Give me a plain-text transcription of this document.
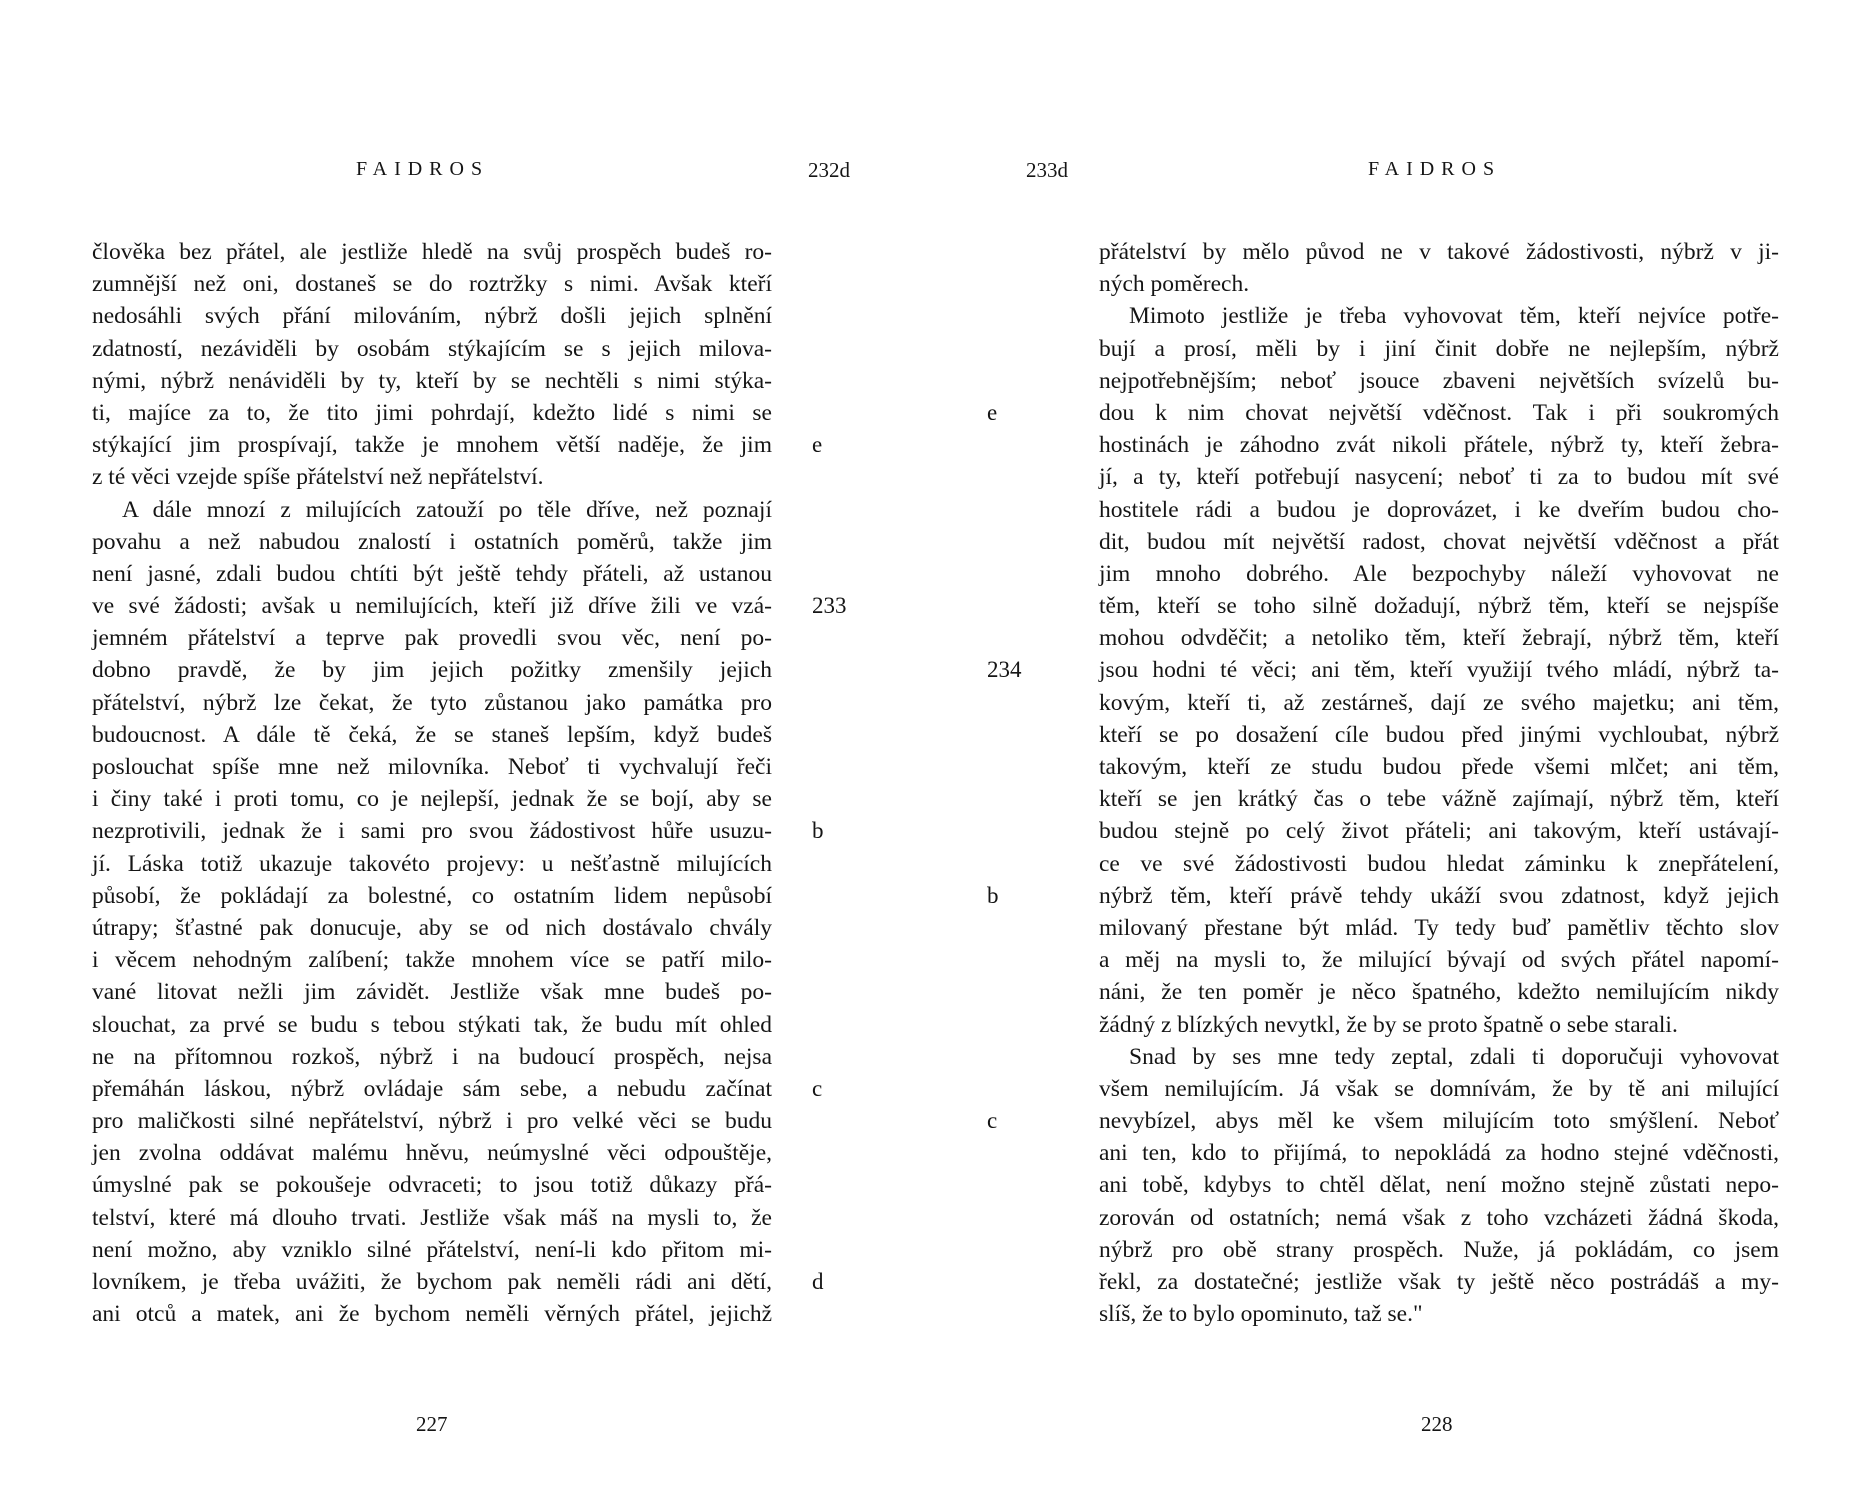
FAIDROS	232d
člověka bez přátel, ale jestliže hledě na svůj prospěch budeš ro-
zumnější než oni, dostaneš se do roztržky s nimi. Avšak kteří
nedosáhli svých přání milováním, nýbrž došli jejich splnění
zdatností, nezáviděli by osobám stýkajícím se s jejich milova-
nými, nýbrž nenáviděli by ty, kteří by se nechtěli s nimi stýka-
ti, majíce za to, že tito jimi pohrdají, kdežto lidé s nimi se
stýkající jim prospívají, takže je mnohem větší naděje, že jim e
z té věci vzejde spíše přátelství než nepřátelství.
A dále mnozí z milujících zatouží po těle dříve, než poznají
povahu a než nabudou znalostí i ostatních poměrů, takže jim
není jasné, zdali budou chtíti být ještě tehdy přáteli, až ustanou
ve své žádosti; avšak u nemilujících, kteří již dříve žili ve vzá- 233
jemném přátelství a teprve pak provedli svou věc, není po-
dobno pravdě, že by jim jejich požitky zmenšily jejich
přátelství, nýbrž lze čekat, že tyto zůstanou jako památka pro
budoucnost. A dále tě čeká, že se staneš lepším, když budeš
poslouchat spíše mne než milovníka. Neboť ti vychvalují řeči
i činy také i proti tomu, co je nejlepší, jednak že se bojí, aby se
nezprotivili, jednak že i sami pro svou žádostivost hůře usuzu- b
jí. Láska totiž ukazuje takovéto projevy: u nešťastně milujících
působí, že pokládají za bolestné, co ostatním lidem nepůsobí
útrapy; šťastné pak donucuje, aby se od nich dostávalo chvály
i věcem nehodným zalíbení; takže mnohem více se patří milo-
vané litovat nežli jim závidět. Jestliže však mne budeš po-
slouchat, za prvé se budu s tebou stýkati tak, že budu mít ohled
ne na přítomnou rozkoš, nýbrž i na budoucí prospěch, nejsa
přemáhán láskou, nýbrž ovládaje sám sebe, a nebudu začínat c
pro maličkosti silné nepřátelství, nýbrž i pro velké věci se budu
jen zvolna oddávat malému hněvu, neúmyslné věci odpouštěje,
úmyslné pak se pokoušeje odvraceti; to jsou totiž důkazy přá-
telství, které má dlouho trvati. Jestliže však máš na mysli to, že
není možno, aby vzniklo silné přátelství, není-li kdo přitom mi-
lovníkem, je třeba uvážiti, že bychom pak neměli rádi ani dětí, d
ani otců a matek, ani že bychom neměli věrných přátel, jejichž
227
233d	FAIDROS
přátelství by mělo původ ne v takové žádostivosti, nýbrž v ji-
ných poměrech.
Mimoto jestliže je třeba vyhovovat těm, kteří nejvíce potře-
bují a prosí, měli by i jiní činit dobře ne nejlepším, nýbrž
nejpotřebnějším; neboť jsouce zbaveni největších svízelů bu-
dou k nim chovat největší vděčnost. Tak i při soukromých
e
hostinách je záhodno zvát nikoli přátele, nýbrž ty, kteří žebra-
jí, a ty, kteří potřebují nasycení; neboť ti za to budou mít své
hostitele rádi a budou je doprovázet, i ke dveřím budou cho-
dit, budou mít největší radost, chovat největší vděčnost a přát
jim mnoho dobrého. Ale bezpochyby náleží vyhovovat ne
těm, kteří se toho silně dožadují, nýbrž těm, kteří se nejspíše
mohou odvděčit; a netoliko těm, kteří žebrají, nýbrž těm, kteří
jsou hodni té věci; ani těm, kteří využijí tvého mládí, nýbrž ta-
234
kovým, kteří ti, až zestárneš, dají ze svého majetku; ani těm,
kteří se po dosažení cíle budou před jinými vychloubat, nýbrž
takovým, kteří ze studu budou přede všemi mlčet; ani těm,
kteří se jen krátký čas o tebe vážně zajímají, nýbrž těm, kteří
budou stejně po celý život přáteli; ani takovým, kteří ustávají-
ce ve své žádostivosti budou hledat záminku k znepřátelení,
nýbrž těm, kteří právě tehdy ukáží svou zdatnost, když jejich
b
milovaný přestane být mlád. Ty tedy buď pamětliv těchto slov
a měj na mysli to, že milující bývají od svých přátel napomí-
náni, že ten poměr je něco špatného, kdežto nemilujícím nikdy
žádný z blízkých nevytkl, že by se proto špatně o sebe starali.
Snad by ses mne tedy zeptal, zdali ti doporučuji vyhovovat
všem nemilujícím. Já však se domnívám, že by tě ani milující
nevybízel, abys měl ke všem milujícím toto smýšlení. Neboť
c
ani ten, kdo to přijímá, to nepokládá za hodno stejné vděčnosti,
ani tobě, kdybys to chtěl dělat, není možno stejně zůstati nepo-
zorován od ostatních; nemá však z toho vzcházeti žádná škoda,
nýbrž pro obě strany prospěch. Nuže, já pokládám, co jsem
řekl, za dostatečné; jestliže však ty ještě něco postrádáš a my-
slíš, že to bylo opominuto, taž se."
228
